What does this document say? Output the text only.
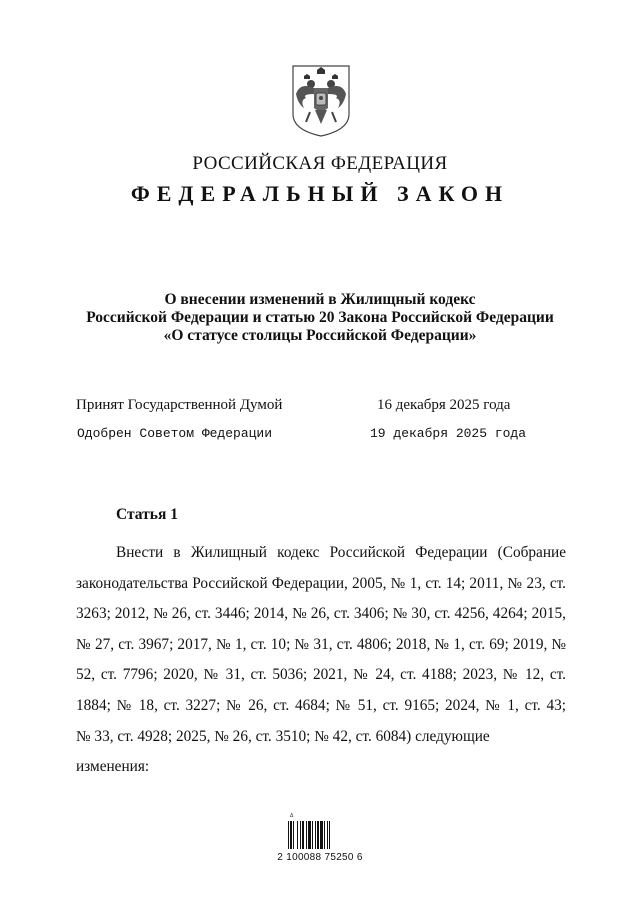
РОССИЙСКАЯ ФЕДЕРАЦИЯ
ФЕДЕРАЛЬНЫЙ ЗАКОН
О внесении изменений в Жилищный кодекс
Российской Федерации и статью 20 Закона Российской Федерации
«О статусе столицы Российской Федерации»
Принят Государственной Думой	16 декабря 2025 года
Одобрен Советом Федерации	19 декабря 2025 года
Статья 1
Внести в Жилищный кодекс Российской Федерации (Собрание законодательства Российской Федерации, 2005, № 1, ст. 14; 2011, № 23, ст. 3263; 2012, № 26, ст. 3446; 2014, № 26, ст. 3406; № 30, ст. 4256, 4264; 2015, № 27, ст. 3967; 2017, № 1, ст. 10; № 31, ст. 4806; 2018, № 1, ст. 69; 2019, № 52, ст. 7796; 2020, № 31, ст. 5036; 2021, № 24, ст. 4188; 2023, № 12, ст. 1884; № 18, ст. 3227; № 26, ст. 4684; № 51, ст. 9165; 2024, № 1, ст. 43;
№ 33, ст. 4928; 2025, № 26, ст. 3510; № 42, ст. 6084) следующие изменения:
Δ
2 100088 75250 6
